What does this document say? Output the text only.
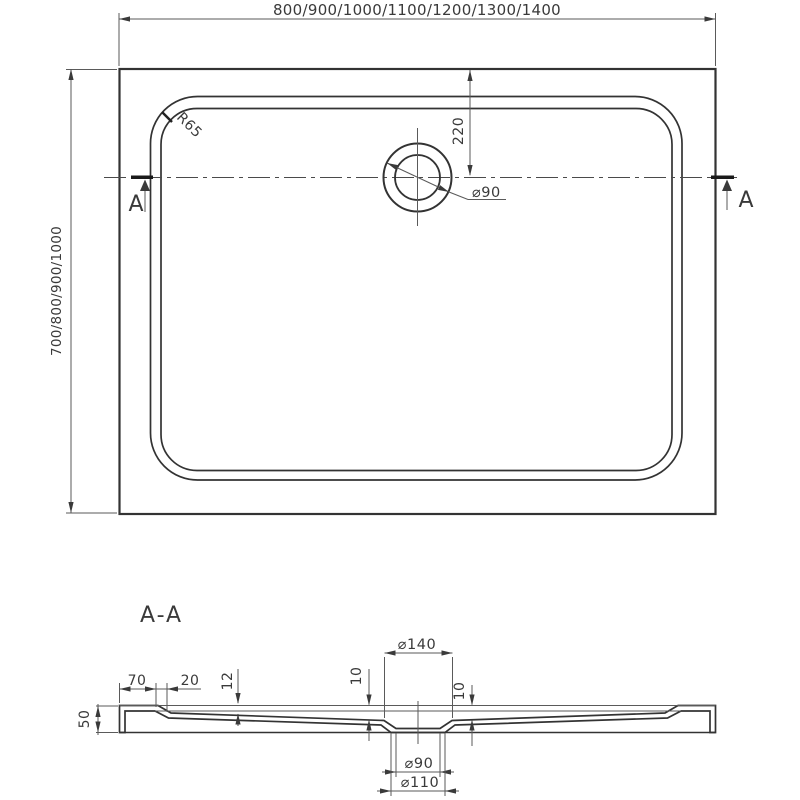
800/900/1000/1100/1200/1300/1400
700/800/900/1000
R65	220
⌀90
A	A
A-A
50
70 20 12	10
10
⌀140
⌀90
⌀110
